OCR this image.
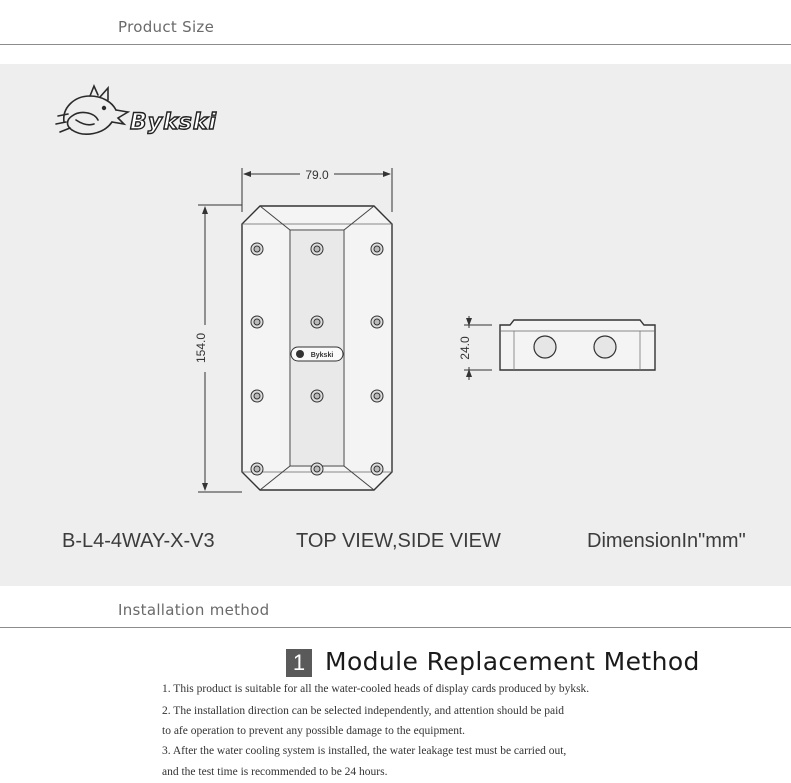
Product Size
Bykski
79.0
154.0	Bykski	24.0
B-L4-4WAY-X-V3	TOP VIEW,SIDE VIEW	DimensionIn"mm"
Installation method
1 Module Replacement Method
1. This product is suitable for all the water-cooled heads of display cards produced by byksk.
2. The installation direction can be selected independently, and attention should be paid
to afe operation to prevent any possible damage to the equipment.
3. After the water cooling system is installed, the water leakage test must be carried out,
and the test time is recommended to be 24 hours.
